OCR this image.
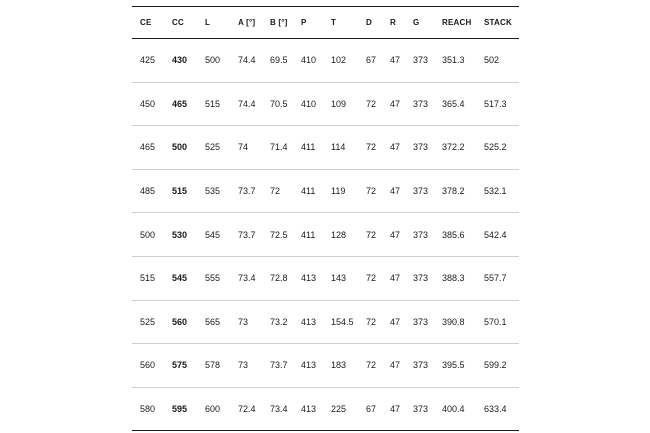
CE	CC	L	A [°]	B [°]	P	T	D	R	G	REACH	STACK
425	430	500	74.4	69.5	410	102	67	47	373	351.3	502
450	465	515	74.4	70.5	410	109	72	47	373	365.4	517.3
465	500	525	74	71.4	411	114	72	47	373	372.2	525.2
485	515	535	73.7	72	411	119	72	47	373	378.2	532.1
500	530	545	73.7	72.5	411	128	72	47	373	385.6	542.4
515	545	555	73.4	72.8	413	143	72	47	373	388.3	557.7
525	560	565	73	73.2	413	154.5	72	47	373	390.8	570.1
560	575	578	73	73.7	413	183	72	47	373	395.5	599.2
580	595	600	72.4	73.4	413	225	67	47	373	400.4	633.4
